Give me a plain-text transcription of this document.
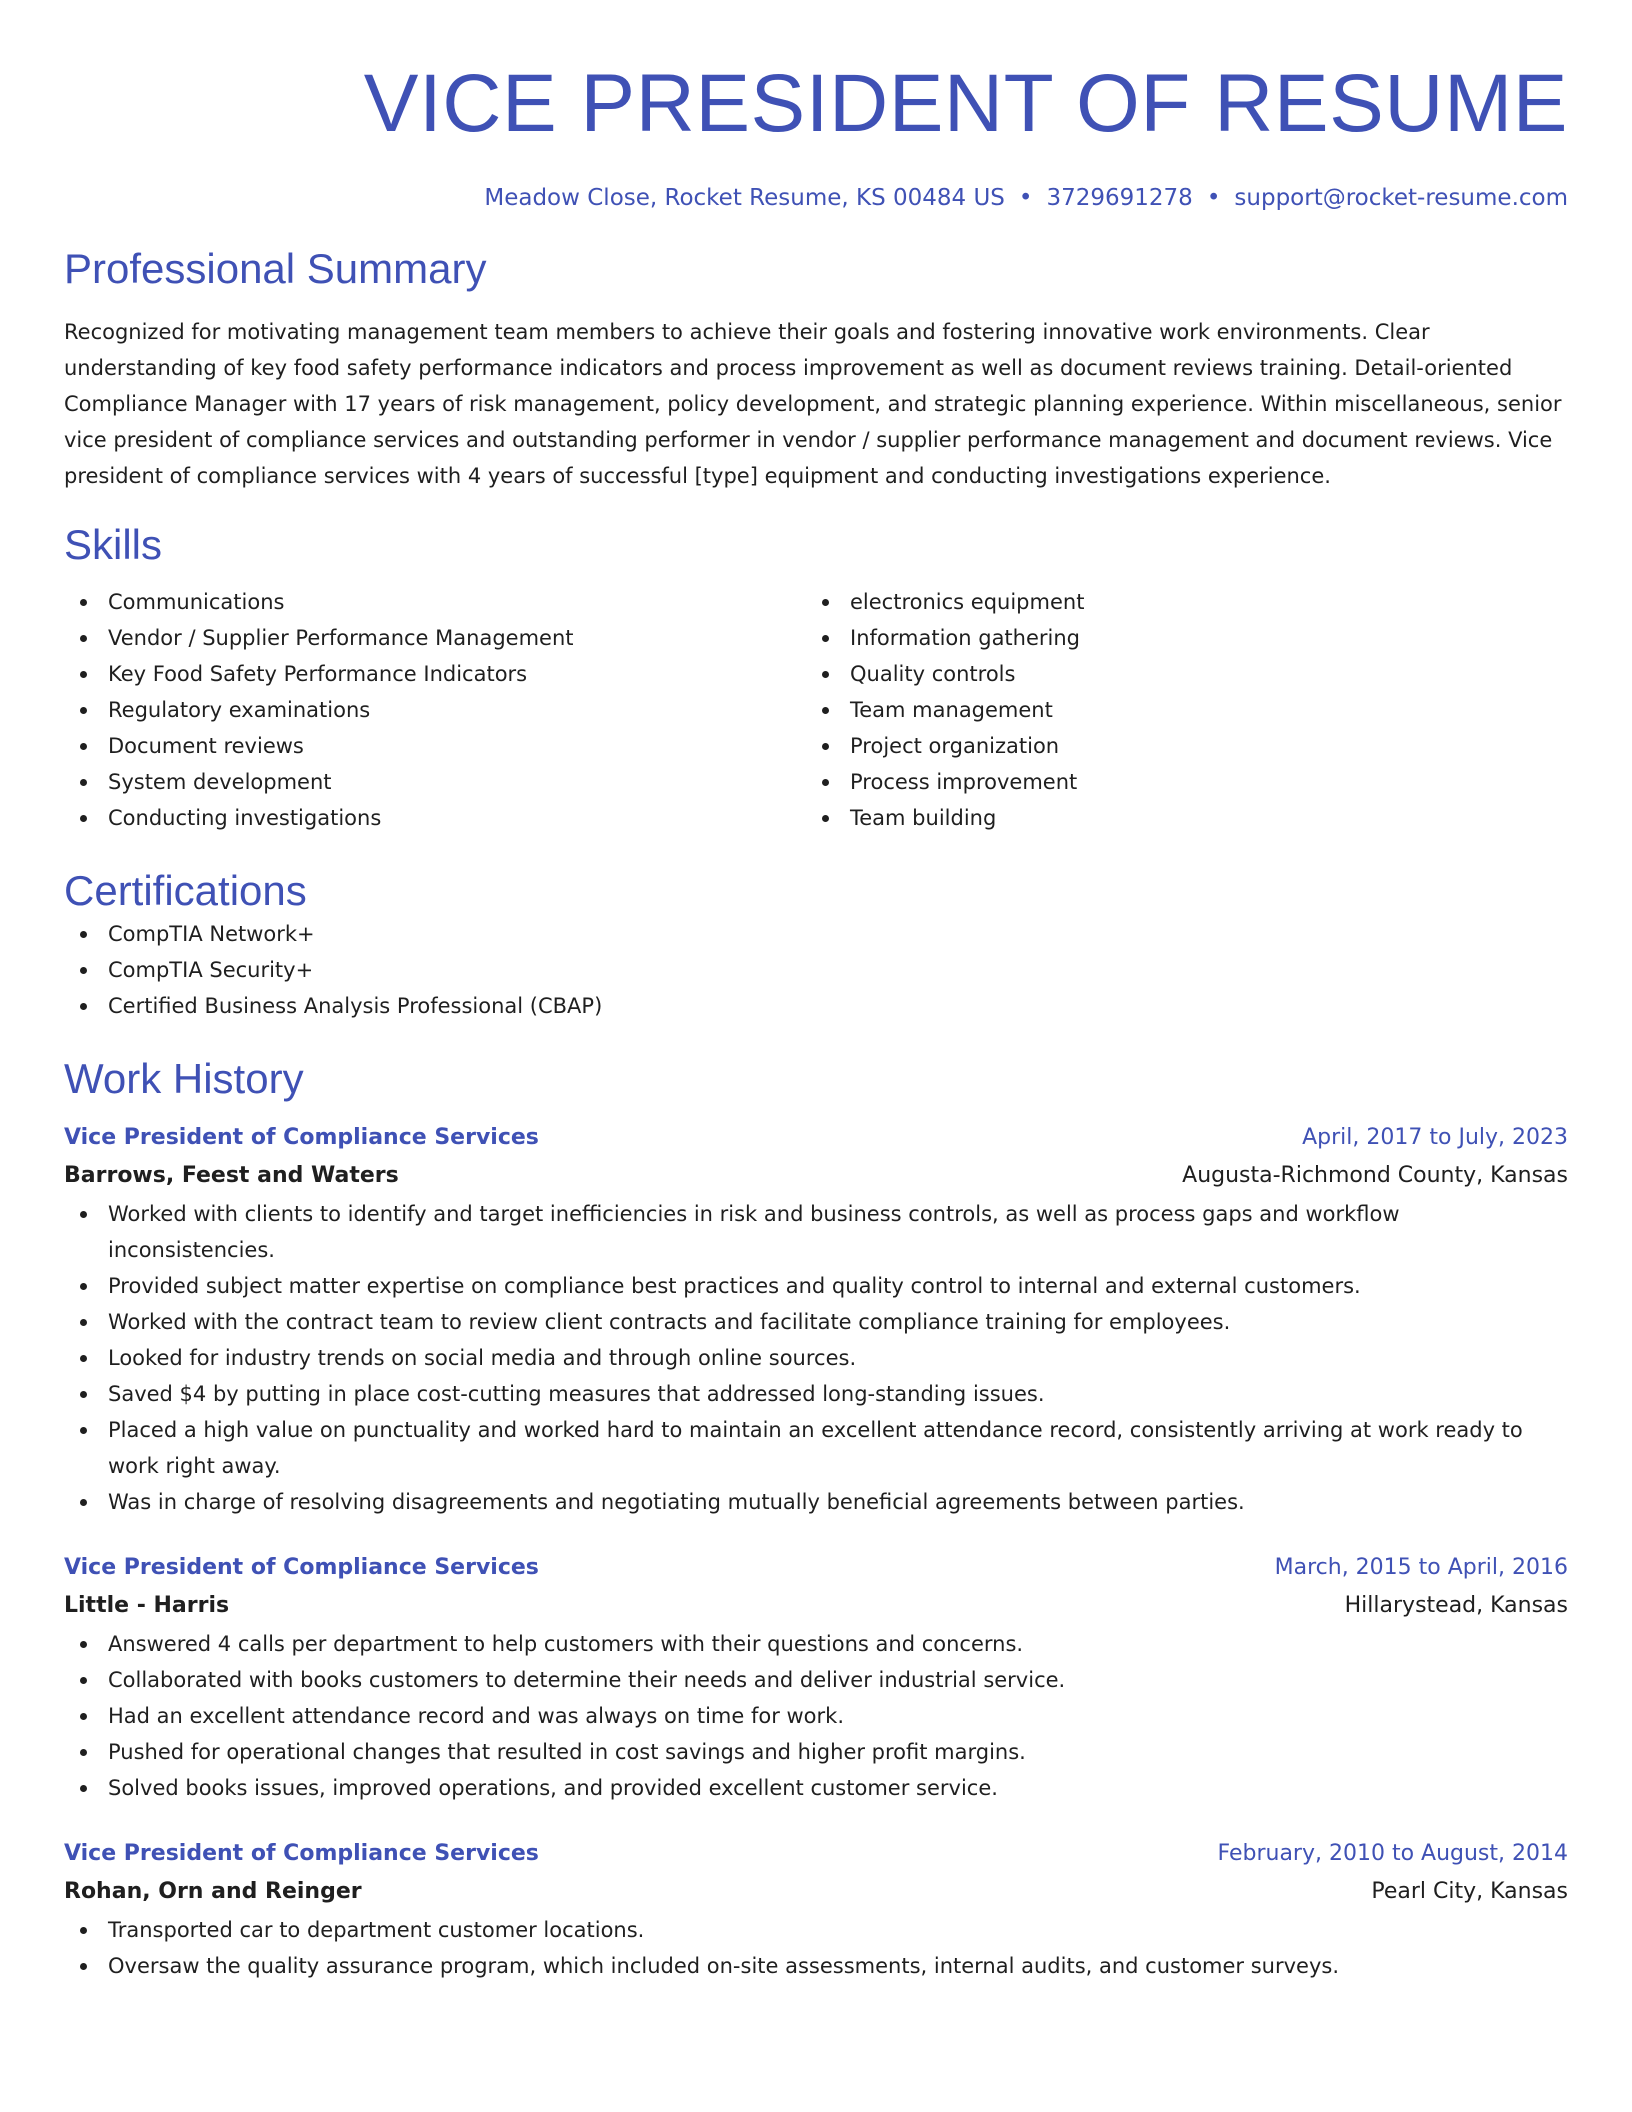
VICE PRESIDENT OF RESUME
Meadow Close, Rocket Resume, KS 00484 US • 3729691278 • support@rocket-resume.com
Professional Summary
Recognized for motivating management team members to achieve their goals and fostering innovative work environments. Clear understanding of key food safety performance indicators and process improvement as well as document reviews training. Detail-oriented Compliance Manager with 17 years of risk management, policy development, and strategic planning experience. Within miscellaneous, senior vice president of compliance services and outstanding performer in vendor / supplier performance management and document reviews. Vice president of compliance services with 4 years of successful [type] equipment and conducting investigations experience.
Skills
Communications
Vendor / Supplier Performance Management
Key Food Safety Performance Indicators
Regulatory examinations
Document reviews
System development
Conducting investigations
electronics equipment
Information gathering
Quality controls
Team management
Project organization
Process improvement
Team building
Certifications
CompTIA Network+
CompTIA Security+
Certified Business Analysis Professional (CBAP)
Work History
Vice President of Compliance Services	April, 2017 to July, 2023
Barrows, Feest and Waters	Augusta-Richmond County, Kansas
Worked with clients to identify and target inefficiencies in risk and business controls, as well as process gaps and workflow inconsistencies.
Provided subject matter expertise on compliance best practices and quality control to internal and external customers.
Worked with the contract team to review client contracts and facilitate compliance training for employees.
Looked for industry trends on social media and through online sources.
Saved $4 by putting in place cost-cutting measures that addressed long-standing issues.
Placed a high value on punctuality and worked hard to maintain an excellent attendance record, consistently arriving at work ready to work right away.
Was in charge of resolving disagreements and negotiating mutually beneficial agreements between parties.
Vice President of Compliance Services	March, 2015 to April, 2016
Little - Harris	Hillarystead, Kansas
Answered 4 calls per department to help customers with their questions and concerns.
Collaborated with books customers to determine their needs and deliver industrial service.
Had an excellent attendance record and was always on time for work.
Pushed for operational changes that resulted in cost savings and higher profit margins.
Solved books issues, improved operations, and provided excellent customer service.
Vice President of Compliance Services	February, 2010 to August, 2014
Rohan, Orn and Reinger	Pearl City, Kansas
Transported car to department customer locations.
Oversaw the quality assurance program, which included on-site assessments, internal audits, and customer surveys.
